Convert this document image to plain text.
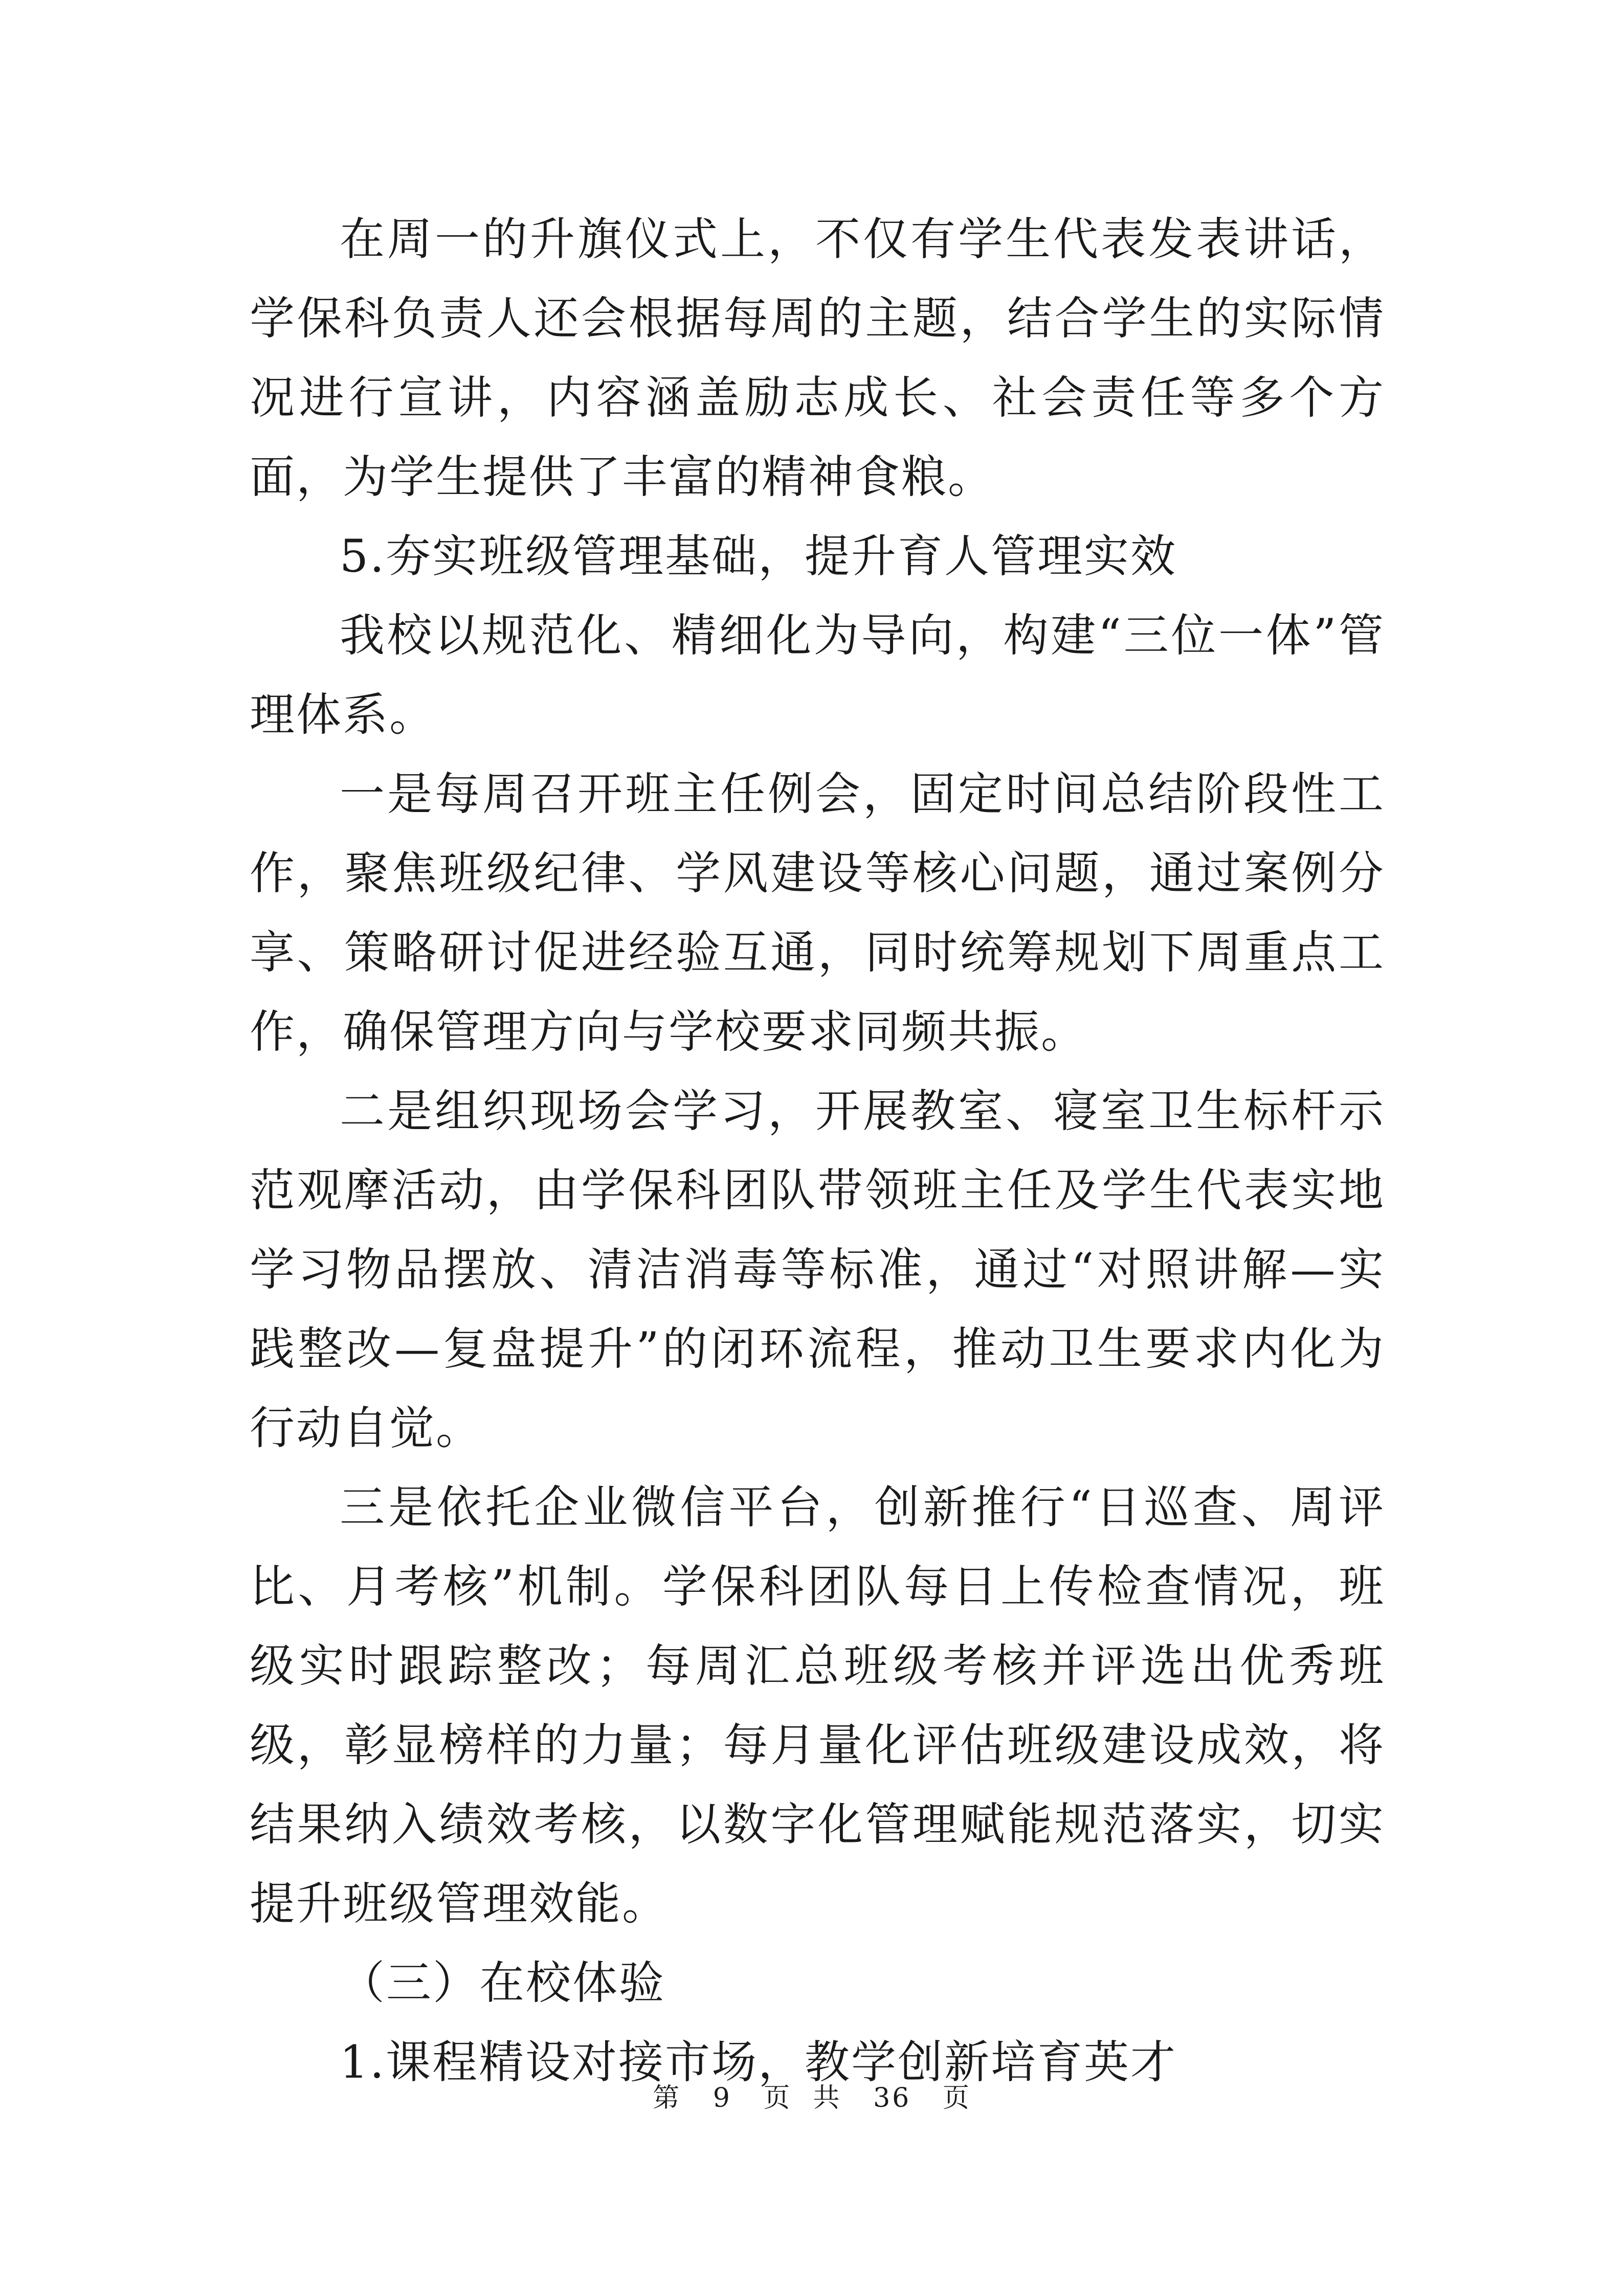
在周一的升旗仪式上，不仅有学生代表发表讲话，学保科负责人还会根据每周的主题，结合学生的实际情况进行宣讲，内容涵盖励志成长、社会责任等多个方面，为学生提供了丰富的精神食粮。

5.夯实班级管理基础，提升育人管理实效

我校以规范化、精细化为导向，构建“三位一体”管理体系。

一是每周召开班主任例会，固定时间总结阶段性工作，聚焦班级纪律、学风建设等核心问题，通过案例分享、策略研讨促进经验互通，同时统筹规划下周重点工作，确保管理方向与学校要求同频共振。

二是组织现场会学习，开展教室、寝室卫生标杆示范观摩活动，由学保科团队带领班主任及学生代表实地学习物品摆放、清洁消毒等标准，通过“对照讲解—实践整改—复盘提升”的闭环流程，推动卫生要求内化为行动自觉。

三是依托企业微信平台，创新推行“日巡查、周评比、月考核”机制。学保科团队每日上传检查情况，班级实时跟踪整改；每周汇总班级考核并评选出优秀班级，彰显榜样的力量；每月量化评估班级建设成效，将结果纳入绩效考核，以数字化管理赋能规范落实，切实提升班级管理效能。

（三）在校体验

1.课程精设对接市场，教学创新培育英才

第 9 页  共 36 页
